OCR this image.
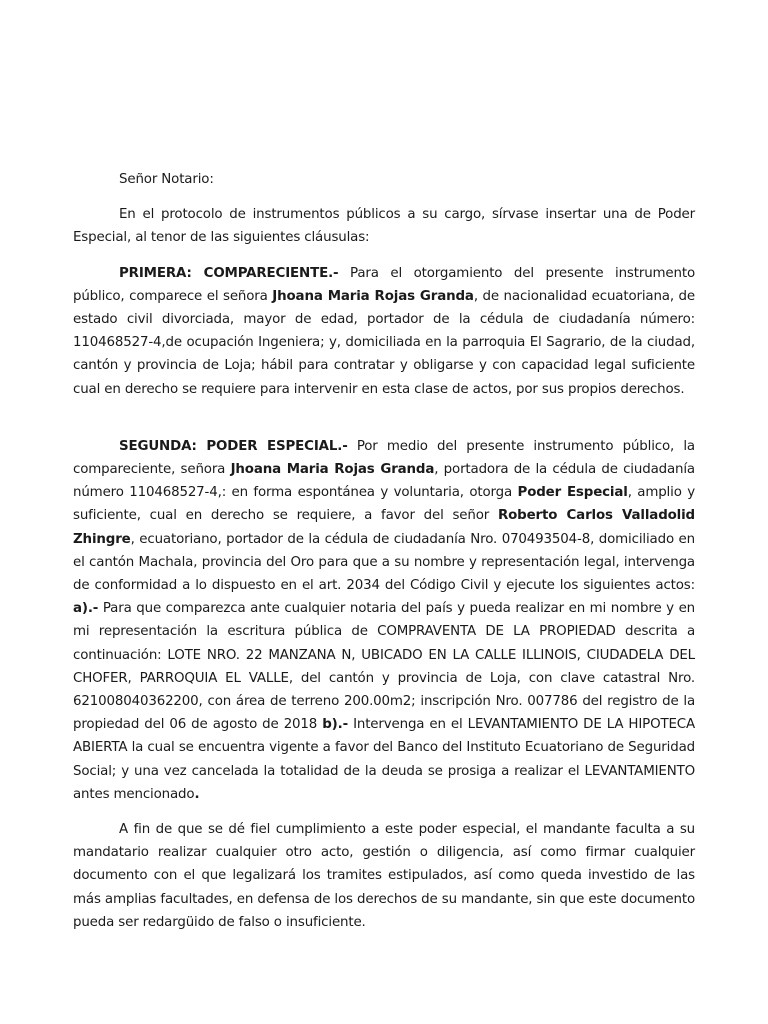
Señor Notario:

En el protocolo de instrumentos públicos a su cargo, sírvase insertar una de Poder Especial, al tenor de las siguientes cláusulas:

PRIMERA: COMPARECIENTE.- Para el otorgamiento del presente instrumento público, comparece el señora Jhoana Maria Rojas Granda, de nacionalidad ecuatoriana, de estado civil divorciada, mayor de edad, portador de la cédula de ciudadanía número: 110468527-4,de ocupación Ingeniera; y, domiciliada en la parroquia El Sagrario, de la ciudad, cantón y provincia de Loja; hábil para contratar y obligarse y con capacidad legal suficiente cual en derecho se requiere para intervenir en esta clase de actos, por sus propios derechos.

SEGUNDA: PODER ESPECIAL.- Por medio del presente instrumento público, la compareciente, señora Jhoana Maria Rojas Granda, portadora de la cédula de ciudadanía número 110468527-4,: en forma espontánea y voluntaria, otorga Poder Especial, amplio y suficiente, cual en derecho se requiere, a favor del señor Roberto Carlos Valladolid Zhingre, ecuatoriano, portador de la cédula de ciudadanía Nro. 070493504-8, domiciliado en el cantón Machala, provincia del Oro para que a su nombre y representación legal, intervenga de conformidad a lo dispuesto en el art. 2034 del Código Civil y ejecute los siguientes actos: a).- Para que comparezca ante cualquier notaria del país y pueda realizar en mi nombre y en mi representación la escritura pública de COMPRAVENTA DE LA PROPIEDAD descrita a continuación: LOTE NRO. 22 MANZANA N, UBICADO EN LA CALLE ILLINOIS, CIUDADELA DEL CHOFER, PARROQUIA EL VALLE, del cantón y provincia de Loja, con clave catastral Nro. 621008040362200, con área de terreno 200.00m2; inscripción Nro. 007786 del registro de la propiedad del 06 de agosto de 2018 b).- Intervenga en el LEVANTAMIENTO DE LA HIPOTECA ABIERTA la cual se encuentra vigente a favor del Banco del Instituto Ecuatoriano de Seguridad Social; y una vez cancelada la totalidad de la deuda se prosiga a realizar el LEVANTAMIENTO antes mencionado.

A fin de que se dé fiel cumplimiento a este poder especial, el mandante faculta a su mandatario realizar cualquier otro acto, gestión o diligencia, así como firmar cualquier documento con el que legalizará los tramites estipulados, así como queda investido de las más amplias facultades, en defensa de los derechos de su mandante, sin que este documento pueda ser redargüido de falso o insuficiente.
